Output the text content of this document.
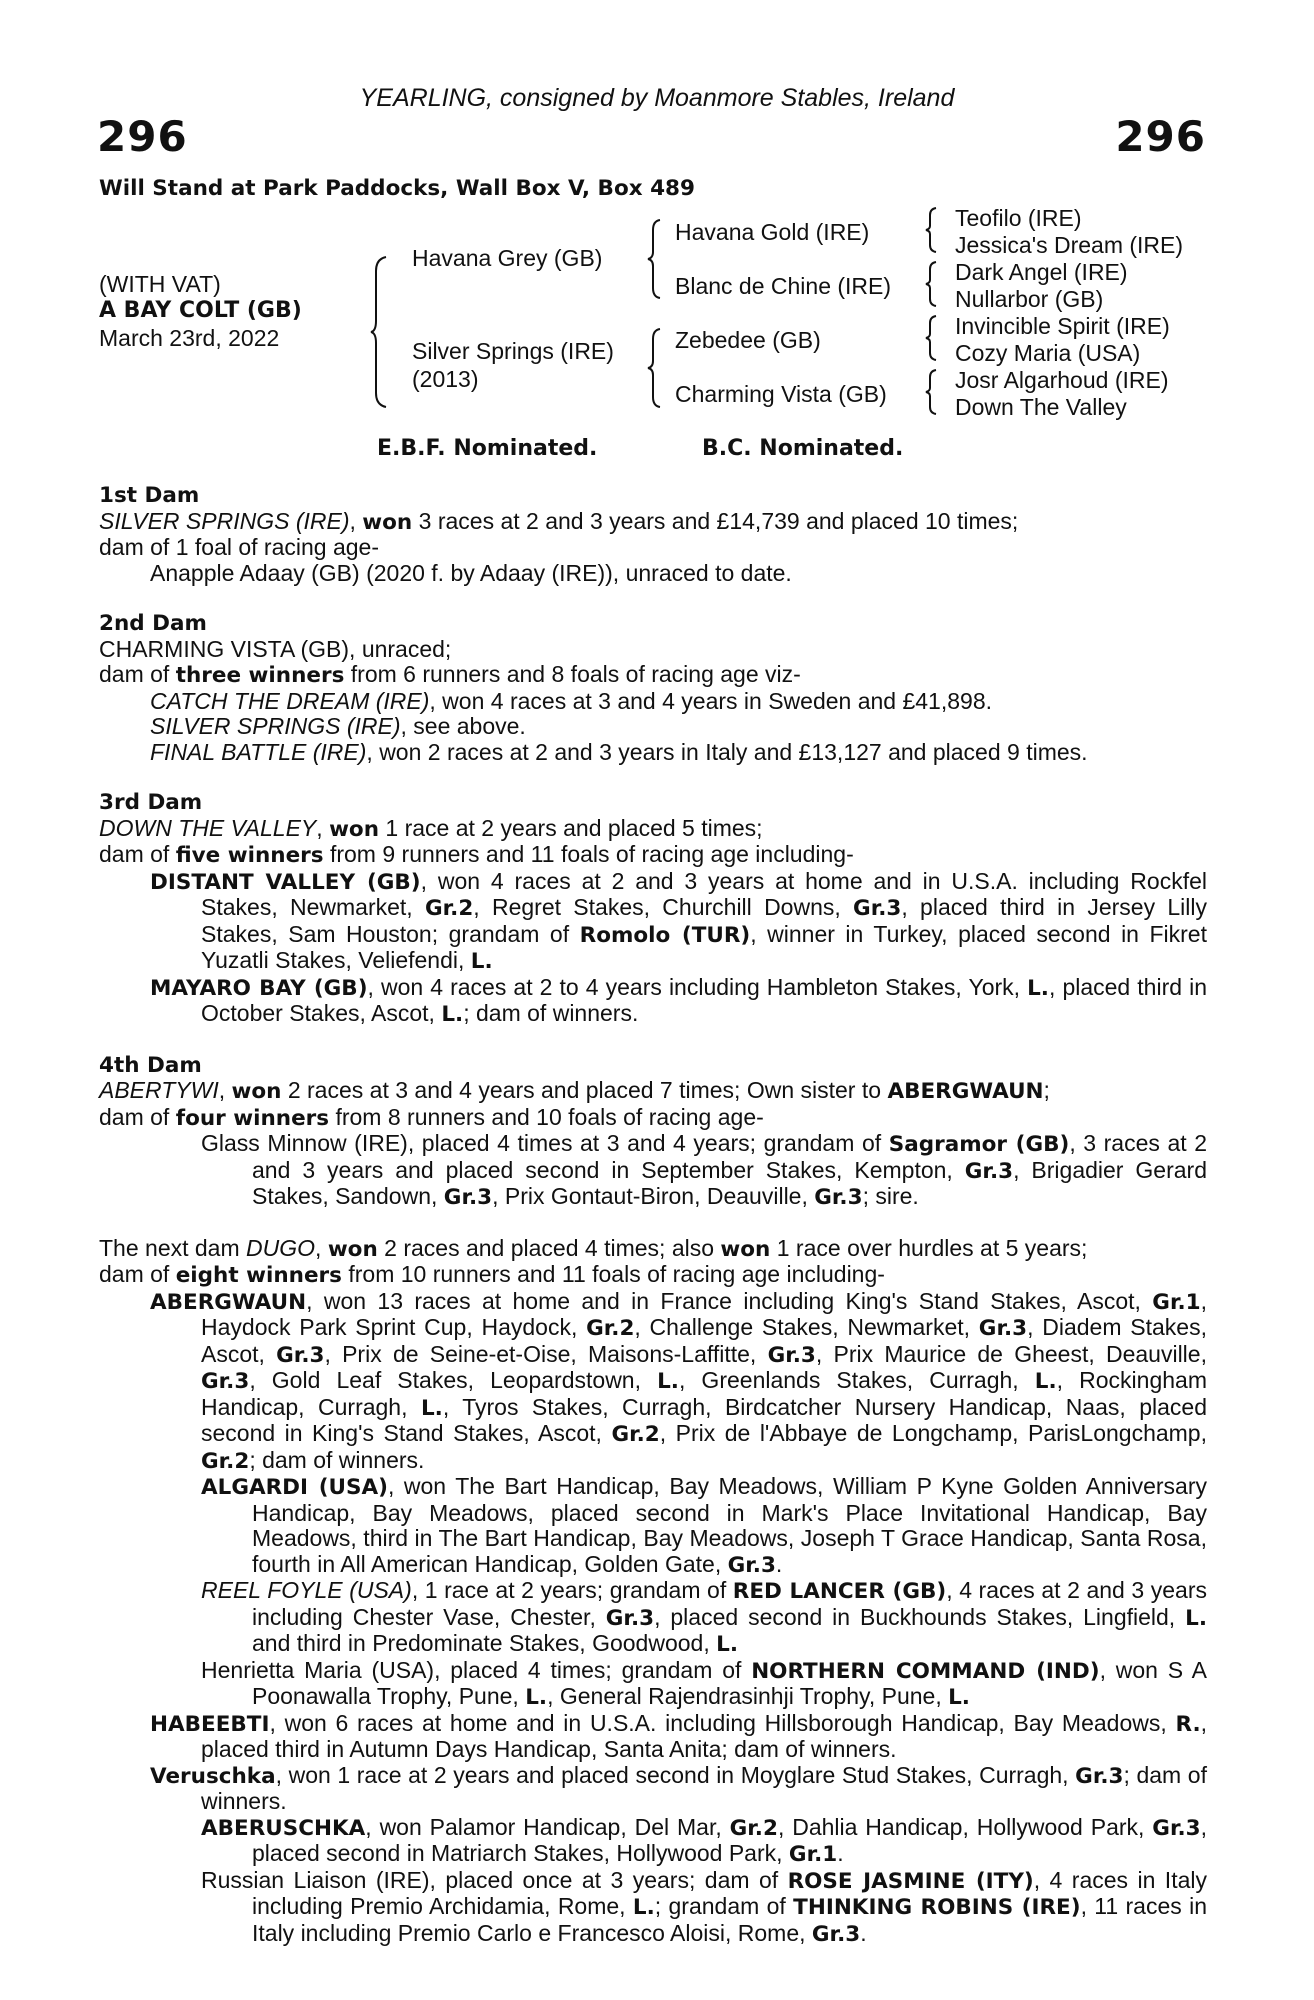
YEARLING, consigned by Moanmore Stables, Ireland
296	296
Will Stand at Park Paddocks, Wall Box V, Box 489
(WITH VAT)
A BAY COLT (GB)
March 23rd, 2022
Havana Grey (GB)
Silver Springs (IRE)
(2013)
Havana Gold (IRE)
Blanc de Chine (IRE)
Zebedee (GB)
Charming Vista (GB)
Teofilo (IRE)
Jessica's Dream (IRE)
Dark Angel (IRE)
Nullarbor (GB)
Invincible Spirit (IRE)
Cozy Maria (USA)
Josr Algarhoud (IRE)
Down The Valley
E.B.F. Nominated.	B.C. Nominated.

1st Dam

SILVER SPRINGS (IRE), won 3 races at 2 and 3 years and £14,739 and placed 10 times;

dam of 1 foal of racing age-

Anapple Adaay (GB) (2020 f. by Adaay (IRE)), unraced to date.

2nd Dam

CHARMING VISTA (GB), unraced;

dam of three winners from 6 runners and 8 foals of racing age viz-

CATCH THE DREAM (IRE), won 4 races at 3 and 4 years in Sweden and £41,898.

SILVER SPRINGS (IRE), see above.

FINAL BATTLE (IRE), won 2 races at 2 and 3 years in Italy and £13,127 and placed 9 times.

3rd Dam

DOWN THE VALLEY, won 1 race at 2 years and placed 5 times;

dam of five winners from 9 runners and 11 foals of racing age including-

DISTANT VALLEY (GB), won 4 races at 2 and 3 years at home and in U.S.A. including Rockfel Stakes, Newmarket, Gr.2, Regret Stakes, Churchill Downs, Gr.3, placed third in Jersey Lilly Stakes, Sam Houston; grandam of Romolo (TUR), winner in Turkey, placed second in Fikret Yuzatli Stakes, Veliefendi, L.

MAYARO BAY (GB), won 4 races at 2 to 4 years including Hambleton Stakes, York, L., placed third in October Stakes, Ascot, L.; dam of winners.

4th Dam

ABERTYWI, won 2 races at 3 and 4 years and placed 7 times; Own sister to ABERGWAUN;

dam of four winners from 8 runners and 10 foals of racing age-

Glass Minnow (IRE), placed 4 times at 3 and 4 years; grandam of Sagramor (GB), 3 races at 2 and 3 years and placed second in September Stakes, Kempton, Gr.3, Brigadier Gerard Stakes, Sandown, Gr.3, Prix Gontaut-Biron, Deauville, Gr.3; sire.

The next dam DUGO, won 2 races and placed 4 times; also won 1 race over hurdles at 5 years;

dam of eight winners from 10 runners and 11 foals of racing age including-

ABERGWAUN, won 13 races at home and in France including King's Stand Stakes, Ascot, Gr.1, Haydock Park Sprint Cup, Haydock, Gr.2, Challenge Stakes, Newmarket, Gr.3, Diadem Stakes, Ascot, Gr.3, Prix de Seine-et-Oise, Maisons-Laffitte, Gr.3, Prix Maurice de Gheest, Deauville, Gr.3, Gold Leaf Stakes, Leopardstown, L., Greenlands Stakes, Curragh, L., Rockingham Handicap, Curragh, L., Tyros Stakes, Curragh, Birdcatcher Nursery Handicap, Naas, placed second in King's Stand Stakes, Ascot, Gr.2, Prix de l'Abbaye de Longchamp, ParisLongchamp, Gr.2; dam of winners.

ALGARDI (USA), won The Bart Handicap, Bay Meadows, William P Kyne Golden Anniversary Handicap, Bay Meadows, placed second in Mark's Place Invitational Handicap, Bay Meadows, third in The Bart Handicap, Bay Meadows, Joseph T Grace Handicap, Santa Rosa, fourth in All American Handicap, Golden Gate, Gr.3.

REEL FOYLE (USA), 1 race at 2 years; grandam of RED LANCER (GB), 4 races at 2 and 3 years including Chester Vase, Chester, Gr.3, placed second in Buckhounds Stakes, Lingfield, L. and third in Predominate Stakes, Goodwood, L.

Henrietta Maria (USA), placed 4 times; grandam of NORTHERN COMMAND (IND), won S A Poonawalla Trophy, Pune, L., General Rajendrasinhji Trophy, Pune, L.

HABEEBTI, won 6 races at home and in U.S.A. including Hillsborough Handicap, Bay Meadows, R., placed third in Autumn Days Handicap, Santa Anita; dam of winners.

Veruschka, won 1 race at 2 years and placed second in Moyglare Stud Stakes, Curragh, Gr.3; dam of winners.

ABERUSCHKA, won Palamor Handicap, Del Mar, Gr.2, Dahlia Handicap, Hollywood Park, Gr.3, placed second in Matriarch Stakes, Hollywood Park, Gr.1.

Russian Liaison (IRE), placed once at 3 years; dam of ROSE JASMINE (ITY), 4 races in Italy including Premio Archidamia, Rome, L.; grandam of THINKING ROBINS (IRE), 11 races in Italy including Premio Carlo e Francesco Aloisi, Rome, Gr.3.
